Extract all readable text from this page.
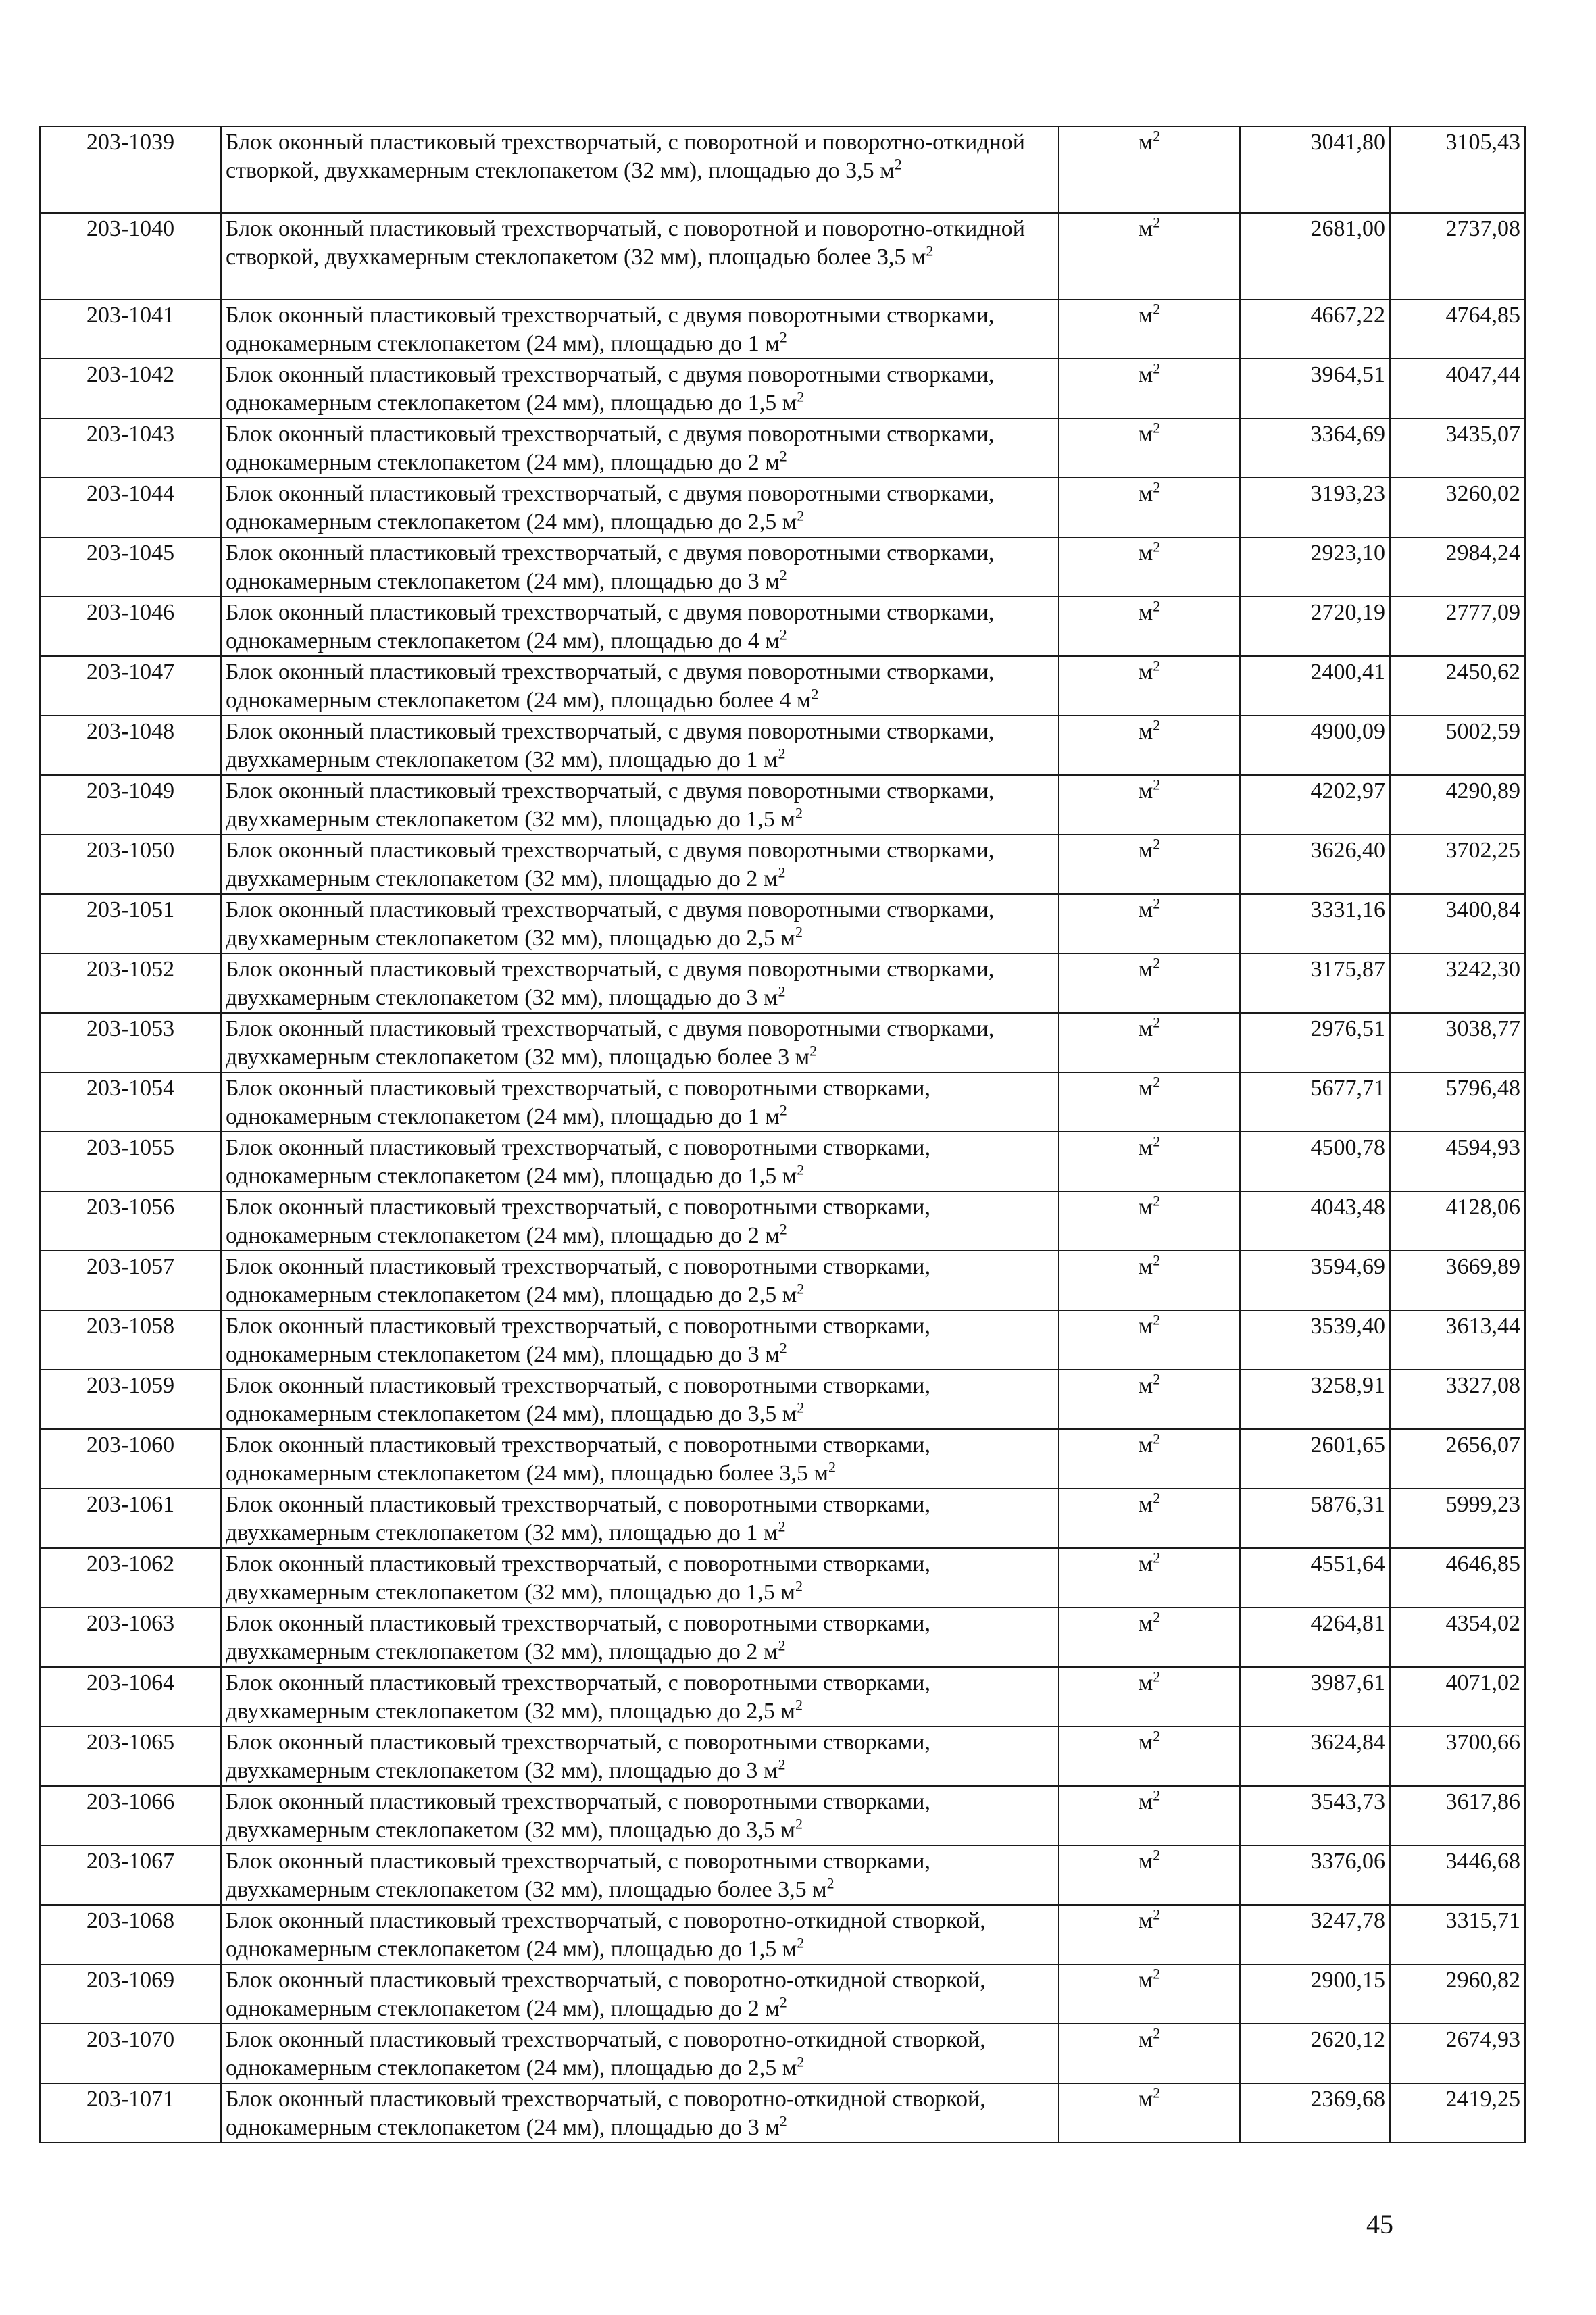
203-1039	Блок оконный пластиковый трехстворчатый, с поворотной и поворотно-откидной створкой, двухкамерным стеклопакетом (32 мм), площадью до 3,5 $м^2$	$м^2$	3041,80	3105,43
203-1040	Блок оконный пластиковый трехстворчатый, с поворотной и поворотно-откидной створкой, двухкамерным стеклопакетом (32 мм), площадью более 3,5 $м^2$	$м^2$	2681,00	2737,08
203-1041	Блок оконный пластиковый трехстворчатый, с двумя поворотными створками, однокамерным стеклопакетом (24 мм), площадью до 1 $м^2$	$м^2$	4667,22	4764,85
203-1042	Блок оконный пластиковый трехстворчатый, с двумя поворотными створками, однокамерным стеклопакетом (24 мм), площадью до 1,5 $м^2$	$м^2$	3964,51	4047,44
203-1043	Блок оконный пластиковый трехстворчатый, с двумя поворотными створками, однокамерным стеклопакетом (24 мм), площадью до 2 $м^2$	$м^2$	3364,69	3435,07
203-1044	Блок оконный пластиковый трехстворчатый, с двумя поворотными створками, однокамерным стеклопакетом (24 мм), площадью до 2,5 $м^2$	$м^2$	3193,23	3260,02
203-1045	Блок оконный пластиковый трехстворчатый, с двумя поворотными створками, однокамерным стеклопакетом (24 мм), площадью до 3 $м^2$	$м^2$	2923,10	2984,24
203-1046	Блок оконный пластиковый трехстворчатый, с двумя поворотными створками, однокамерным стеклопакетом (24 мм), площадью до 4 $м^2$	$м^2$	2720,19	2777,09
203-1047	Блок оконный пластиковый трехстворчатый, с двумя поворотными створками, однокамерным стеклопакетом (24 мм), площадью более 4 $м^2$	$м^2$	2400,41	2450,62
203-1048	Блок оконный пластиковый трехстворчатый, с двумя поворотными створками, двухкамерным стеклопакетом (32 мм), площадью до 1 $м^2$	$м^2$	4900,09	5002,59
203-1049	Блок оконный пластиковый трехстворчатый, с двумя поворотными створками, двухкамерным стеклопакетом (32 мм), площадью до 1,5 $м^2$	$м^2$	4202,97	4290,89
203-1050	Блок оконный пластиковый трехстворчатый, с двумя поворотными створками, двухкамерным стеклопакетом (32 мм), площадью до 2 $м^2$	$м^2$	3626,40	3702,25
203-1051	Блок оконный пластиковый трехстворчатый, с двумя поворотными створками, двухкамерным стеклопакетом (32 мм), площадью до 2,5 $м^2$	$м^2$	3331,16	3400,84
203-1052	Блок оконный пластиковый трехстворчатый, с двумя поворотными створками, двухкамерным стеклопакетом (32 мм), площадью до 3 $м^2$	$м^2$	3175,87	3242,30
203-1053	Блок оконный пластиковый трехстворчатый, с двумя поворотными створками, двухкамерным стеклопакетом (32 мм), площадью более 3 $м^2$	$м^2$	2976,51	3038,77
203-1054	Блок оконный пластиковый трехстворчатый, с поворотными створками, однокамерным стеклопакетом (24 мм), площадью до 1 $м^2$	$м^2$	5677,71	5796,48
203-1055	Блок оконный пластиковый трехстворчатый, с поворотными створками, однокамерным стеклопакетом (24 мм), площадью до 1,5 $м^2$	$м^2$	4500,78	4594,93
203-1056	Блок оконный пластиковый трехстворчатый, с поворотными створками, однокамерным стеклопакетом (24 мм), площадью до 2 $м^2$	$м^2$	4043,48	4128,06
203-1057	Блок оконный пластиковый трехстворчатый, с поворотными створками, однокамерным стеклопакетом (24 мм), площадью до 2,5 $м^2$	$м^2$	3594,69	3669,89
203-1058	Блок оконный пластиковый трехстворчатый, с поворотными створками, однокамерным стеклопакетом (24 мм), площадью до 3 $м^2$	$м^2$	3539,40	3613,44
203-1059	Блок оконный пластиковый трехстворчатый, с поворотными створками, однокамерным стеклопакетом (24 мм), площадью до 3,5 $м^2$	$м^2$	3258,91	3327,08
203-1060	Блок оконный пластиковый трехстворчатый, с поворотными створками, однокамерным стеклопакетом (24 мм), площадью более 3,5 $м^2$	$м^2$	2601,65	2656,07
203-1061	Блок оконный пластиковый трехстворчатый, с поворотными створками, двухкамерным стеклопакетом (32 мм), площадью до 1 $м^2$	$м^2$	5876,31	5999,23
203-1062	Блок оконный пластиковый трехстворчатый, с поворотными створками, двухкамерным стеклопакетом (32 мм), площадью до 1,5 $м^2$	$м^2$	4551,64	4646,85
203-1063	Блок оконный пластиковый трехстворчатый, с поворотными створками, двухкамерным стеклопакетом (32 мм), площадью до 2 $м^2$	$м^2$	4264,81	4354,02
203-1064	Блок оконный пластиковый трехстворчатый, с поворотными створками, двухкамерным стеклопакетом (32 мм), площадью до 2,5 $м^2$	$м^2$	3987,61	4071,02
203-1065	Блок оконный пластиковый трехстворчатый, с поворотными створками, двухкамерным стеклопакетом (32 мм), площадью до 3 $м^2$	$м^2$	3624,84	3700,66
203-1066	Блок оконный пластиковый трехстворчатый, с поворотными створками, двухкамерным стеклопакетом (32 мм), площадью до 3,5 $м^2$	$м^2$	3543,73	3617,86
203-1067	Блок оконный пластиковый трехстворчатый, с поворотными створками, двухкамерным стеклопакетом (32 мм), площадью более 3,5 $м^2$	$м^2$	3376,06	3446,68
203-1068	Блок оконный пластиковый трехстворчатый, с поворотно-откидной створкой, однокамерным стеклопакетом (24 мм), площадью до 1,5 $м^2$	$м^2$	3247,78	3315,71
203-1069	Блок оконный пластиковый трехстворчатый, с поворотно-откидной створкой, однокамерным стеклопакетом (24 мм), площадью до 2 $м^2$	$м^2$	2900,15	2960,82
203-1070	Блок оконный пластиковый трехстворчатый, с поворотно-откидной створкой, однокамерным стеклопакетом (24 мм), площадью до 2,5 $м^2$	$м^2$	2620,12	2674,93
203-1071	Блок оконный пластиковый трехстворчатый, с поворотно-откидной створкой, однокамерным стеклопакетом (24 мм), площадью до 3 $м^2$	$м^2$	2369,68	2419,25
45
